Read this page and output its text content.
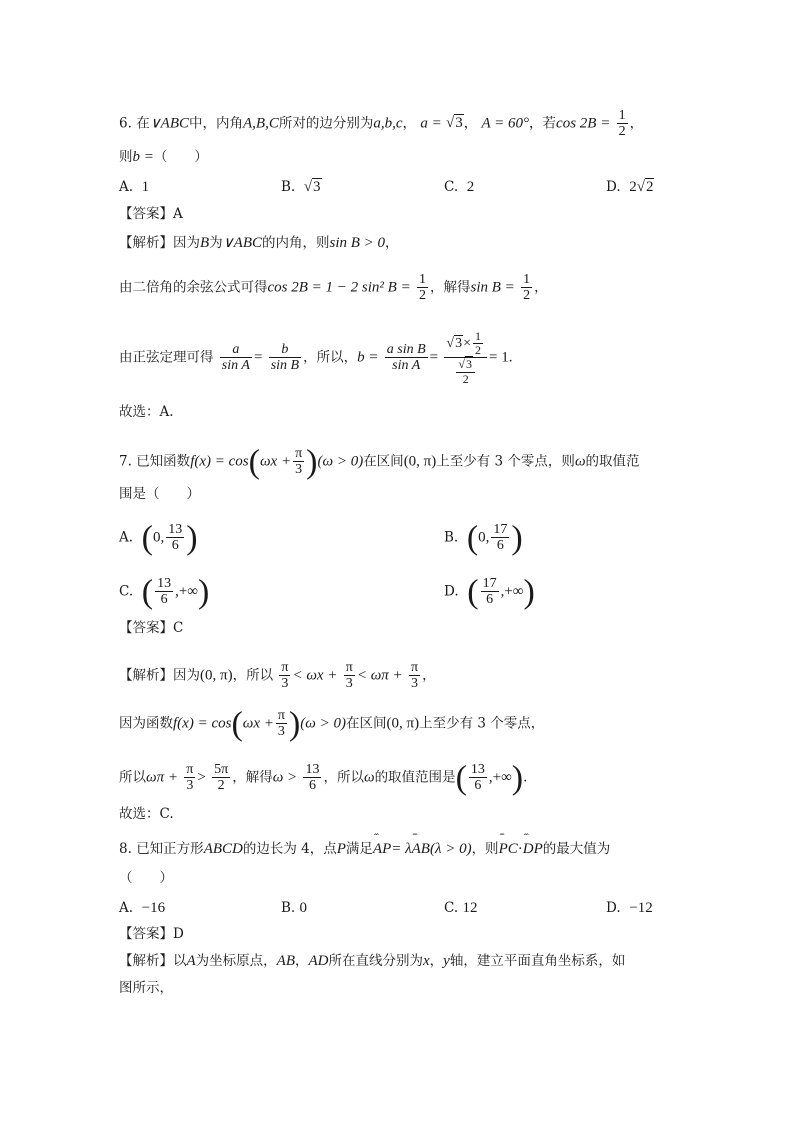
6. 在∨ABC中，内角A,B,C所对的边分别为a,b,c， a = √3， A = 60°，若$\cos 2B = \frac{1}{2}$ ，
则b =（　　）
A. 1	B. √3	C. 2	D. 2√2
【答案】A
【解析】因为B为∨ABC的内角，则sin B > 0，
由二倍角的余弦公式可得cos 2B = 1 − 2 sin² $B = \frac{1}{2}$ ，解得$\sin B = \frac{1}{2}$ ，
由正弦定理可得 $\frac{a}{\text{sin A}} = \frac{b}{\text{sin B}}$ ，所以，$b = \frac{\text{a sin B}}{\text{sin A}} = \frac{√3\times \frac{1}{2}}{\frac{√3}{2}} = 1$.
故选：A.
7. 已知函数$f(x) = \cos(\omega x + \frac{\pi}{3} )(\omega > 0)$在区间(0, π)上至少有 3 个零点，则ω的取值范
围是（　　）
A. (0, $\frac{13}{6}$ )	B. (0, $\frac{17}{6}$ )
C. ( $\frac{13}{6}$ ,+∞)	D. ( $\frac{17}{6}$ ,+∞)
【答案】C
【解析】因为(0, π)，所以 $\frac{\pi}{3} < \omega x + \frac{\pi}{3} < \omega\pi + \frac{\pi}{3}$ ，
因为函数$f(x) = \cos(\omega x + \frac{\pi}{3} )(\omega > 0)$在区间(0, π)上至少有 3 个零点，
所以$\omega\pi + \frac{\pi}{3} > \frac{5\pi}{2}$ ，解得$\omega > \frac{13}{6}$ ，所以ω的取值范围是( $\frac{13}{6}$ ,+∞).
故选：C.
8. 已知正方形ABCD的边长为 4，点P满足ˆˆ AP= λˆˆ AB(λ > 0)，则ˆˆ PC·ˆˆ DP的最大值为
（　　）
A. −16	B. 0	C. 12	D. −12
【答案】D
【解析】以A为坐标原点，AB，AD所在直线分别为x，y轴，建立平面直角坐标系，如
图所示，
